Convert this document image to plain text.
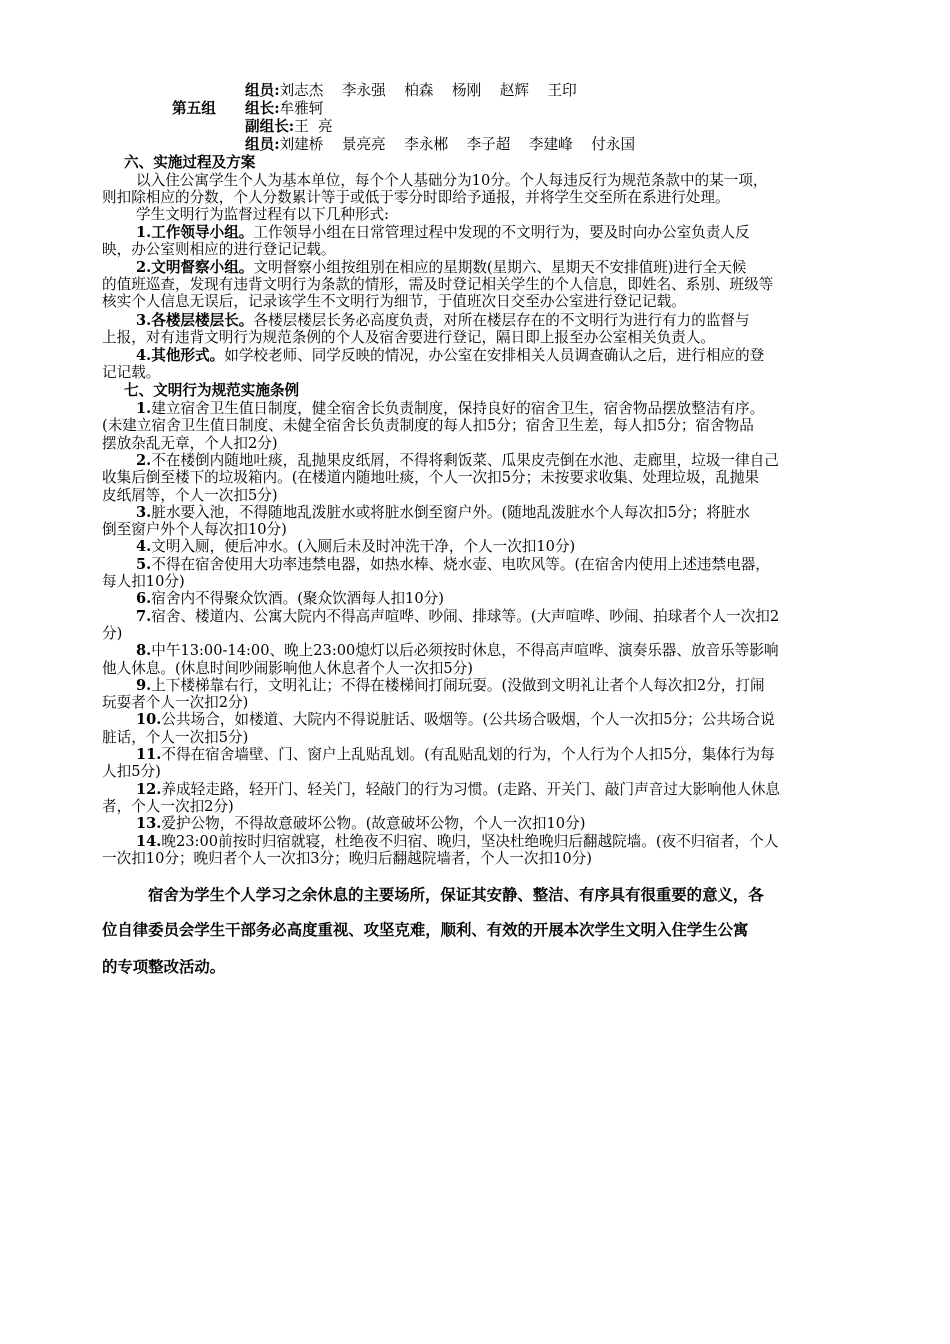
组员:刘志杰    李永强    柏森    杨刚    赵辉    王印
第五组 组长:牟雅轲
副组长:王  亮
组员:刘建桥    景亮亮    李永郴    李子超    李建峰    付永国
六、实施过程及方案
以入住公寓学生个人为基本单位，每个个人基础分为10分。个人每违反行为规范条款中的某一项，
则扣除相应的分数，个人分数累计等于或低于零分时即给予通报，并将学生交至所在系进行处理。
学生文明行为监督过程有以下几种形式:
1.工作领导小组。工作领导小组在日常管理过程中发现的不文明行为，要及时向办公室负责人反
映，办公室则相应的进行登记记载。
2.文明督察小组。文明督察小组按组别在相应的星期数(星期六、星期天不安排值班)进行全天候
的值班巡查，发现有违背文明行为条款的情形，需及时登记相关学生的个人信息，即姓名、系别、班级等
核实个人信息无误后，记录该学生不文明行为细节，于值班次日交至办公室进行登记记载。
3.各楼层楼层长。各楼层楼层长务必高度负责，对所在楼层存在的不文明行为进行有力的监督与
上报，对有违背文明行为规范条例的个人及宿舍要进行登记，隔日即上报至办公室相关负责人。
4.其他形式。如学校老师、同学反映的情况，办公室在安排相关人员调查确认之后，进行相应的登
记记载。
七、文明行为规范实施条例
1.建立宿舍卫生值日制度，健全宿舍长负责制度，保持良好的宿舍卫生，宿舍物品摆放整洁有序。
(未建立宿舍卫生值日制度、未健全宿舍长负责制度的每人扣5分；宿舍卫生差，每人扣5分；宿舍物品
摆放杂乱无章，个人扣2分)
2.不在楼倒内随地吐痰，乱抛果皮纸屑，不得将剩饭菜、瓜果皮壳倒在水池、走廊里，垃圾一律自己
收集后倒至楼下的垃圾箱内。(在楼道内随地吐痰，个人一次扣5分；未按要求收集、处理垃圾，乱抛果
皮纸屑等，个人一次扣5分)
3.脏水要入池，不得随地乱泼脏水或将脏水倒至窗户外。(随地乱泼脏水个人每次扣5分；将脏水
倒至窗户外个人每次扣10分)
4.文明入厕，便后冲水。(入厕后未及时冲洗干净，个人一次扣10分)
5.不得在宿舍使用大功率违禁电器，如热水棒、烧水壶、电吹风等。(在宿舍内使用上述违禁电器，
每人扣10分)
6.宿舍内不得聚众饮酒。(聚众饮酒每人扣10分)
7.宿舍、楼道内、公寓大院内不得高声喧哗、吵闹、排球等。(大声喧哗、吵闹、拍球者个人一次扣2
分)
8.中午13:00-14:00、晚上23:00熄灯以后必须按时休息，不得高声喧哗、演奏乐器、放音乐等影响
他人休息。(休息时间吵闹影响他人休息者个人一次扣5分)
9.上下楼梯靠右行，文明礼让；不得在楼梯间打闹玩耍。(没做到文明礼让者个人每次扣2分，打闹
玩耍者个人一次扣2分)
10.公共场合，如楼道、大院内不得说脏话、吸烟等。(公共场合吸烟，个人一次扣5分；公共场合说
脏话，个人一次扣5分)
11.不得在宿舍墙壁、门、窗户上乱贴乱划。(有乱贴乱划的行为，个人行为个人扣5分，集体行为每
人扣5分)
12.养成轻走路，轻开门、轻关门，轻敲门的行为习惯。(走路、开关门、敲门声音过大影响他人休息
者，个人一次扣2分)
13.爱护公物，不得故意破坏公物。(故意破坏公物，个人一次扣10分)
14.晚23:00前按时归宿就寝，杜绝夜不归宿、晚归，坚决杜绝晚归后翻越院墙。(夜不归宿者，个人
一次扣10分；晚归者个人一次扣3分；晚归后翻越院墙者，个人一次扣10分)
宿舍为学生个人学习之余休息的主要场所，保证其安静、整洁、有序具有很重要的意义，各
位自律委员会学生干部务必高度重视、攻坚克难，顺利、有效的开展本次学生文明入住学生公寓
的专项整改活动。
